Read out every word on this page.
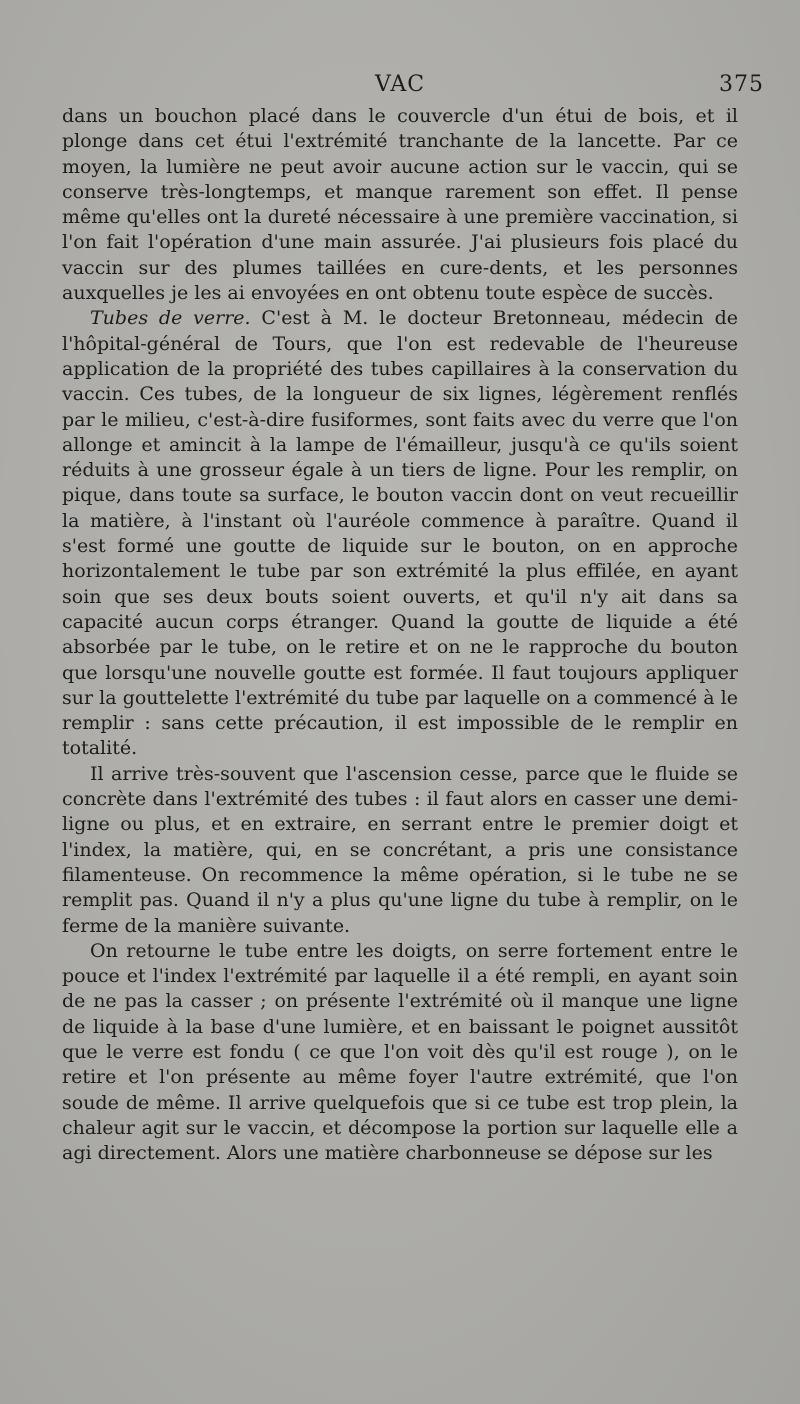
VAC	375

dans un bouchon placé dans le couvercle d'un étui de bois, et il plonge dans cet étui l'extrémité tranchante de la lancette. Par ce moyen, la lumière ne peut avoir aucune action sur le vaccin, qui se conserve très-longtemps, et manque rarement son effet. Il pense même qu'elles ont la dureté nécessaire à une première vaccination, si l'on fait l'opération d'une main assurée. J'ai plusieurs fois placé du vaccin sur des plumes taillées en cure-dents, et les personnes auxquelles je les ai envoyées en ont obtenu toute espèce de succès.

Tubes de verre. C'est à M. le docteur Bretonneau, médecin de l'hôpital-général de Tours, que l'on est redevable de l'heureuse application de la propriété des tubes capillaires à la conservation du vaccin. Ces tubes, de la longueur de six lignes, légèrement renflés par le milieu, c'est-à-dire fusiformes, sont faits avec du verre que l'on allonge et amincit à la lampe de l'émailleur, jusqu'à ce qu'ils soient réduits à une grosseur égale à un tiers de ligne. Pour les remplir, on pique, dans toute sa surface, le bouton vaccin dont on veut recueillir la matière, à l'instant où l'auréole commence à paraître. Quand il s'est formé une goutte de liquide sur le bouton, on en approche horizontalement le tube par son extrémité la plus effilée, en ayant soin que ses deux bouts soient ouverts, et qu'il n'y ait dans sa capacité aucun corps étranger. Quand la goutte de liquide a été absorbée par le tube, on le retire et on ne le rapproche du bouton que lorsqu'une nouvelle goutte est formée. Il faut toujours appliquer sur la gouttelette l'extrémité du tube par laquelle on a commencé à le remplir : sans cette précaution, il est impossible de le remplir en totalité.

Il arrive très-souvent que l'ascension cesse, parce que le fluide se concrète dans l'extrémité des tubes : il faut alors en casser une demi-ligne ou plus, et en extraire, en serrant entre le premier doigt et l'index, la matière, qui, en se concrétant, a pris une consistance filamenteuse. On recommence la même opération, si le tube ne se remplit pas. Quand il n'y a plus qu'une ligne du tube à remplir, on le ferme de la manière suivante.

On retourne le tube entre les doigts, on serre fortement entre le pouce et l'index l'extrémité par laquelle il a été rempli, en ayant soin de ne pas la casser ; on présente l'extrémité où il manque une ligne de liquide à la base d'une lumière, et en baissant le poignet aussitôt que le verre est fondu ( ce que l'on voit dès qu'il est rouge ), on le retire et l'on présente au même foyer l'autre extrémité, que l'on soude de même. Il arrive quelquefois que si ce tube est trop plein, la chaleur agit sur le vaccin, et décompose la portion sur laquelle elle a agi directement. Alors une matière charbonneuse se dépose sur les
